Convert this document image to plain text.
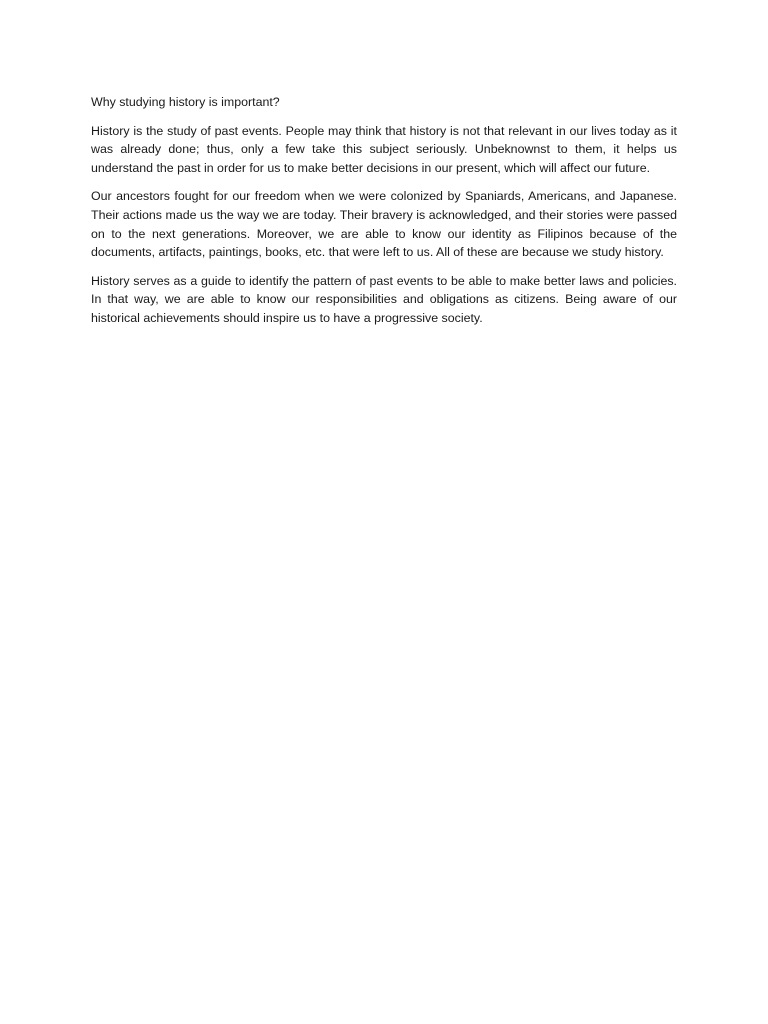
Why studying history is important?

History is the study of past events. People may think that history is not that relevant in our lives today as it was already done; thus, only a few take this subject seriously. Unbeknownst to them, it helps us understand the past in order for us to make better decisions in our present, which will affect our future.

Our ancestors fought for our freedom when we were colonized by Spaniards, Americans, and Japanese. Their actions made us the way we are today. Their bravery is acknowledged, and their stories were passed on to the next generations. Moreover, we are able to know our identity as Filipinos because of the documents, artifacts, paintings, books, etc. that were left to us. All of these are because we study history.

History serves as a guide to identify the pattern of past events to be able to make better laws and policies. In that way, we are able to know our responsibilities and obligations as citizens. Being aware of our historical achievements should inspire us to have a progressive society.
